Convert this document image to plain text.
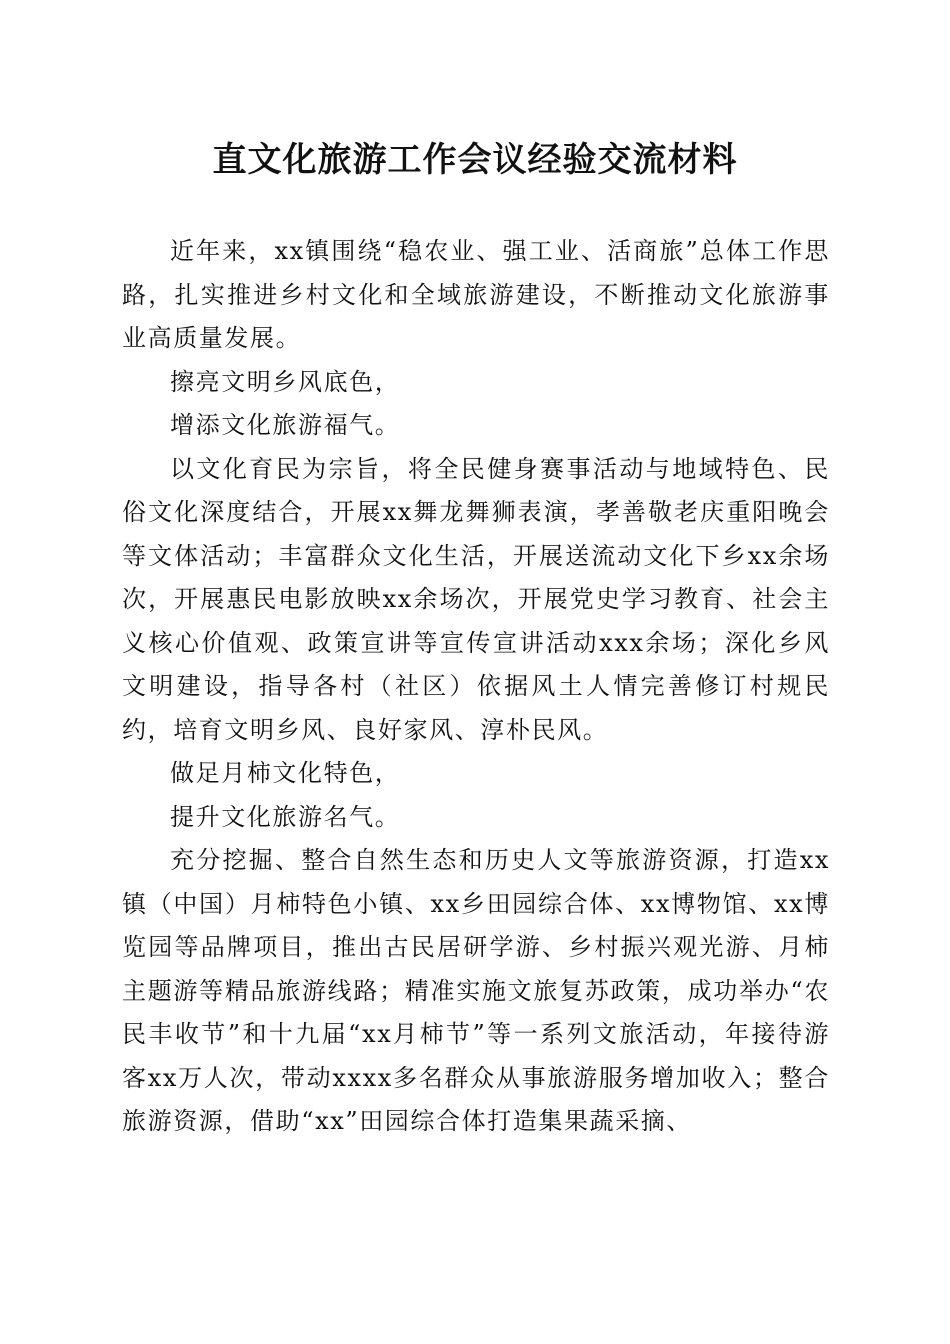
直文化旅游工作会议经验交流材料

近年来，xx镇围绕“稳农业、强工业、活商旅”总体工作思路，扎实推进乡村文化和全域旅游建设，不断推动文化旅游事业高质量发展。

擦亮文明乡风底色，

增添文化旅游福气。

以文化育民为宗旨，将全民健身赛事活动与地域特色、民俗文化深度结合，开展xx舞龙舞狮表演，孝善敬老庆重阳晚会等文体活动；丰富群众文化生活，开展送流动文化下乡xx余场次，开展惠民电影放映xx余场次，开展党史学习教育、社会主义核心价值观、政策宣讲等宣传宣讲活动xxx余场；深化乡风文明建设，指导各村（社区）依据风土人情完善修订村规民约，培育文明乡风、良好家风、淳朴民风。

做足月柿文化特色，

提升文化旅游名气。

充分挖掘、整合自然生态和历史人文等旅游资源，打造xx镇（中国）月柿特色小镇、xx乡田园综合体、xx博物馆、xx博览园等品牌项目，推出古民居研学游、乡村振兴观光游、月柿主题游等精品旅游线路；精准实施文旅复苏政策，成功举办“农民丰收节”和十九届“xx月柿节”等一系列文旅活动，年接待游客xx万人次，带动xxxx多名群众从事旅游服务增加收入；整合旅游资源，借助“xx”田园综合体打造集果蔬采摘、
